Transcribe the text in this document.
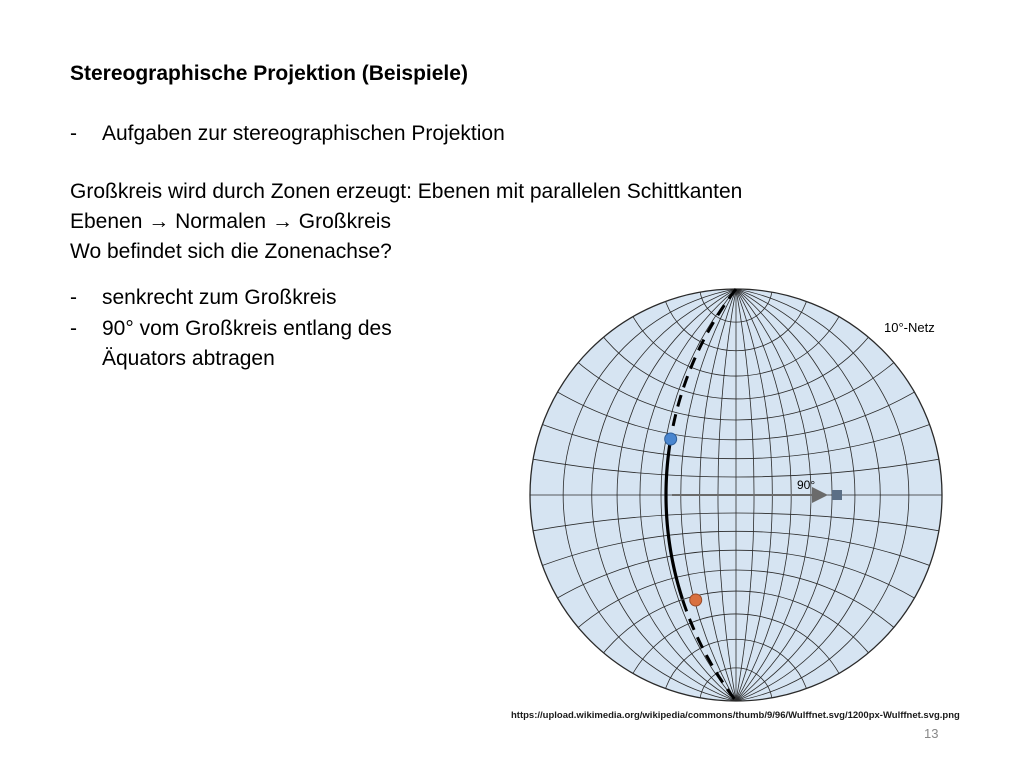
Stereographische Projektion (Beispiele)
- Aufgaben zur stereographischen Projektion
Großkreis wird durch Zonen erzeugt: Ebenen mit parallelen Schittkanten
Ebenen → Normalen → Großkreis
Wo befindet sich die Zonenachse?
- senkrecht zum Großkreis
- 90° vom Großkreis entlang des
Äquators abtragen
90°
10°-Netz
https://upload.wikimedia.org/wikipedia/commons/thumb/9/96/Wulffnet.svg/1200px-Wulffnet.svg.png
13
